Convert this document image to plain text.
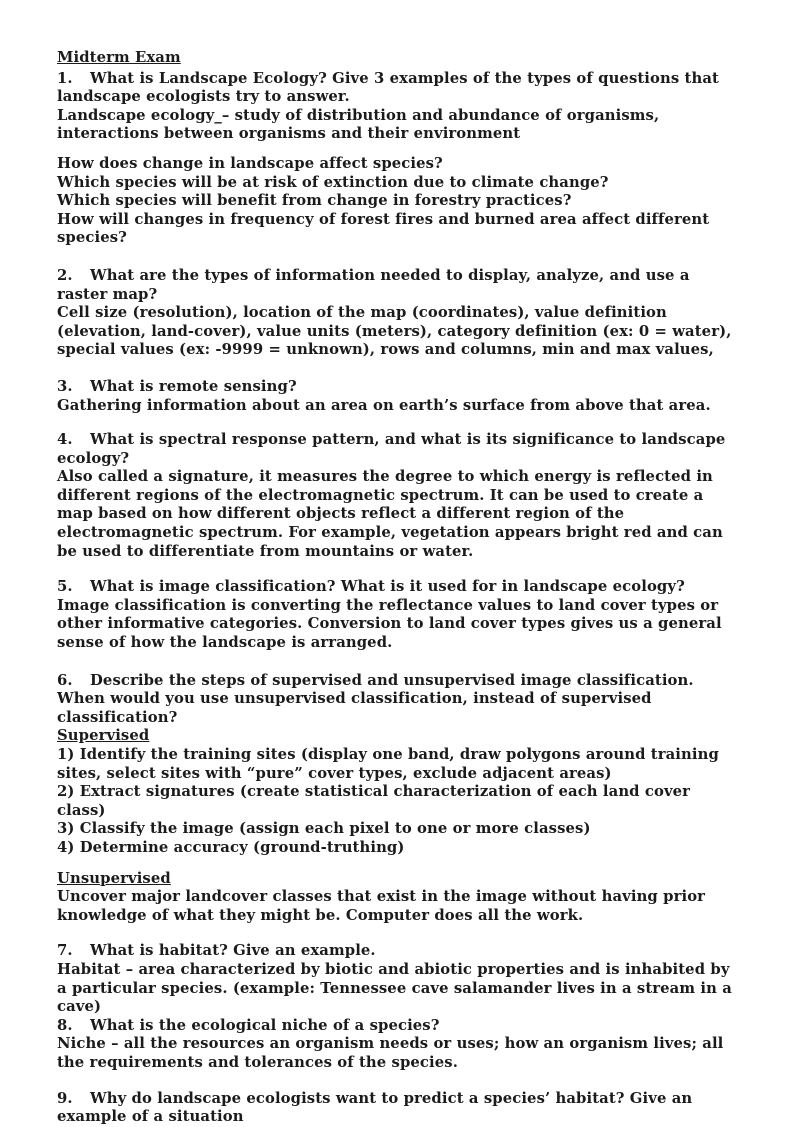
Midterm Exam

1. What is Landscape Ecology? Give 3 examples of the types of questions that landscape ecologists try to answer.

Landscape ecology_– study of distribution and abundance of organisms, interactions between organisms and their environment

How does change in landscape affect species?

Which species will be at risk of extinction due to climate change?

Which species will benefit from change in forestry practices?

How will changes in frequency of forest fires and burned area affect different species?

2. What are the types of information needed to display, analyze, and use a raster map?

Cell size (resolution), location of the map (coordinates), value definition (elevation, land-cover), value units (meters), category definition (ex: 0 = water), special values (ex: -9999 = unknown), rows and columns, min and max values,

3. What is remote sensing?

Gathering information about an area on earth’s surface from above that area.

4. What is spectral response pattern, and what is its significance to landscape ecology?

Also called a signature, it measures the degree to which energy is reflected in different regions of the electromagnetic spectrum. It can be used to create a map based on how different objects reflect a different region of the electromagnetic spectrum. For example, vegetation appears bright red and can be used to differentiate from mountains or water.

5. What is image classification? What is it used for in landscape ecology?

Image classification is converting the reflectance values to land cover types or other informative categories. Conversion to land cover types gives us a general sense of how the landscape is arranged.

6. Describe the steps of supervised and unsupervised image classification. When would you use unsupervised classification, instead of supervised classification?

Supervised

1) Identify the training sites (display one band, draw polygons around training sites, select sites with “pure” cover types, exclude adjacent areas)

2) Extract signatures (create statistical characterization of each land cover class)

3) Classify the image (assign each pixel to one or more classes)

4) Determine accuracy (ground-truthing)

Unsupervised

Uncover major landcover classes that exist in the image without having prior knowledge of what they might be. Computer does all the work.

7. What is habitat? Give an example.

Habitat – area characterized by biotic and abiotic properties and is inhabited by a particular species. (example: Tennessee cave salamander lives in a stream in a cave)

8. What is the ecological niche of a species?

Niche – all the resources an organism needs or uses; how an organism lives; all the requirements and tolerances of the species.

9. Why do landscape ecologists want to predict a species’ habitat? Give an example of a situation
